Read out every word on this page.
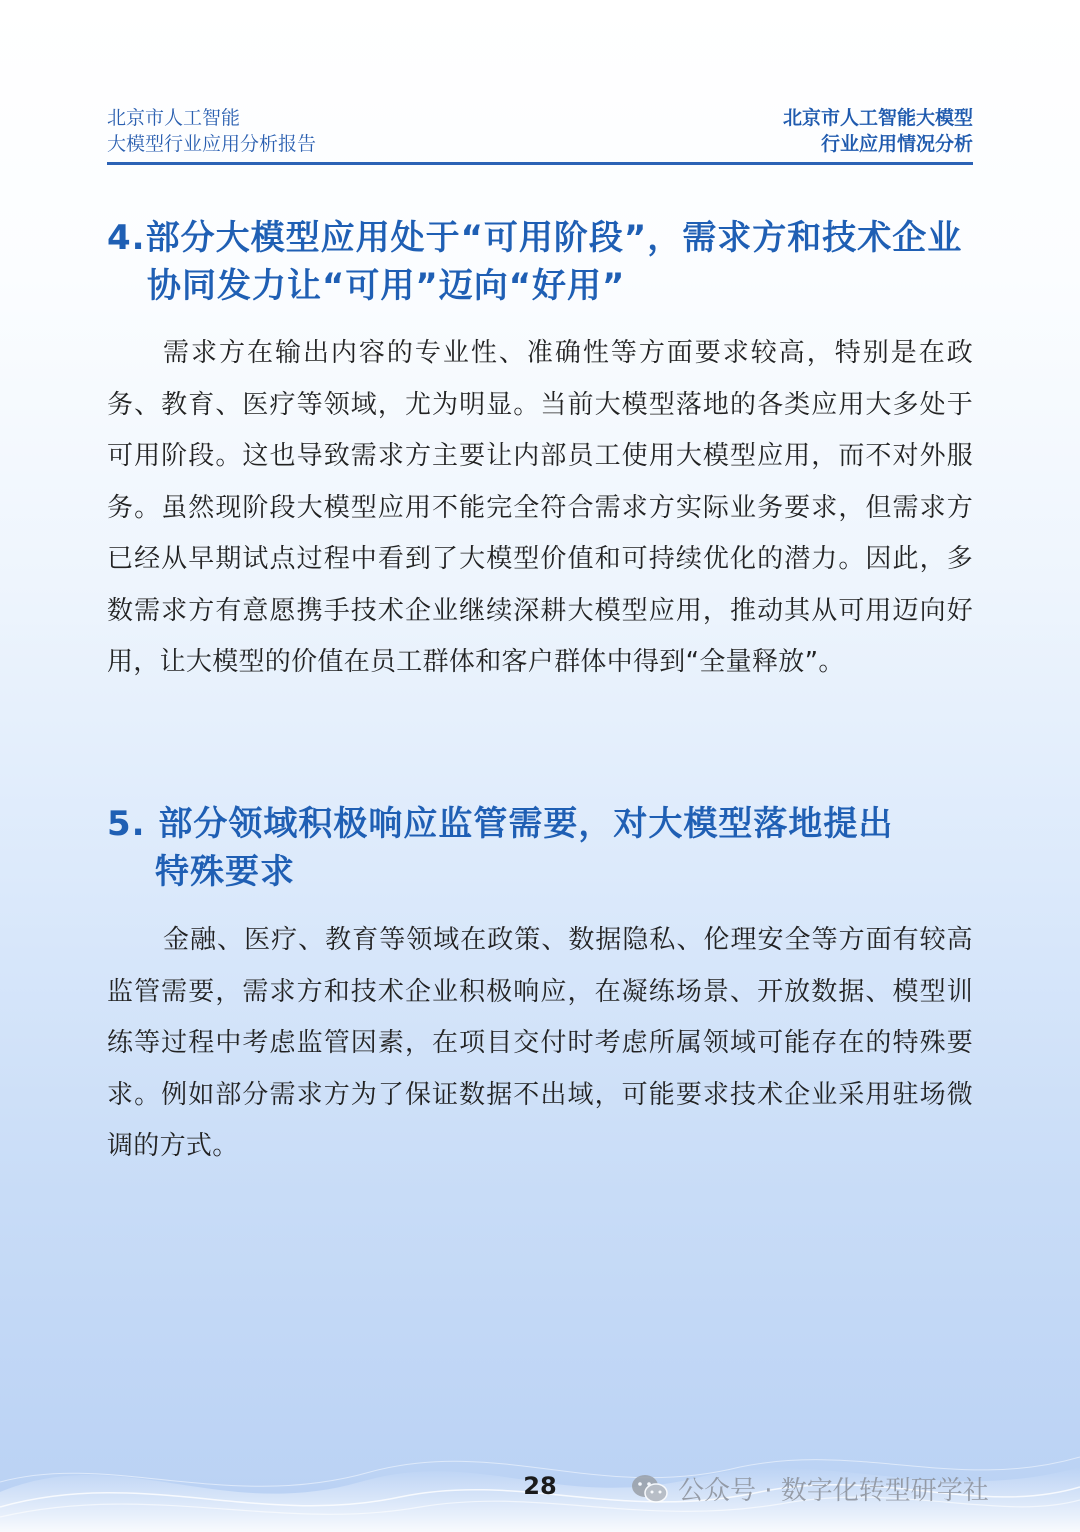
北京市人工智能
大模型行业应用分析报告
北京市人工智能大模型
行业应用情况分析
4.部分大模型应用处于“可用阶段”，需求方和技术企业
协同发力让“可用”迈向“好用”

需求方在输出内容的专业性、准确性等方面要求较高，特别是在政务、教育、医疗等领域，尤为明显。当前大模型落地的各类应用大多处于可用阶段。这也导致需求方主要让内部员工使用大模型应用，而不对外服务。虽然现阶段大模型应用不能完全符合需求方实际业务要求，但需求方已经从早期试点过程中看到了大模型价值和可持续优化的潜力。因此，多数需求方有意愿携手技术企业继续深耕大模型应用，推动其从可用迈向好用，让大模型的价值在员工群体和客户群体中得到“全量释放”。

5. 部分领域积极响应监管需要，对大模型落地提出
特殊要求

金融、医疗、教育等领域在政策、数据隐私、伦理安全等方面有较高监管需要，需求方和技术企业积极响应，在凝练场景、开放数据、模型训练等过程中考虑监管因素，在项目交付时考虑所属领域可能存在的特殊要求。例如部分需求方为了保证数据不出域，可能要求技术企业采用驻场微调的方式。

28	公众号 · 数字化转型研学社
